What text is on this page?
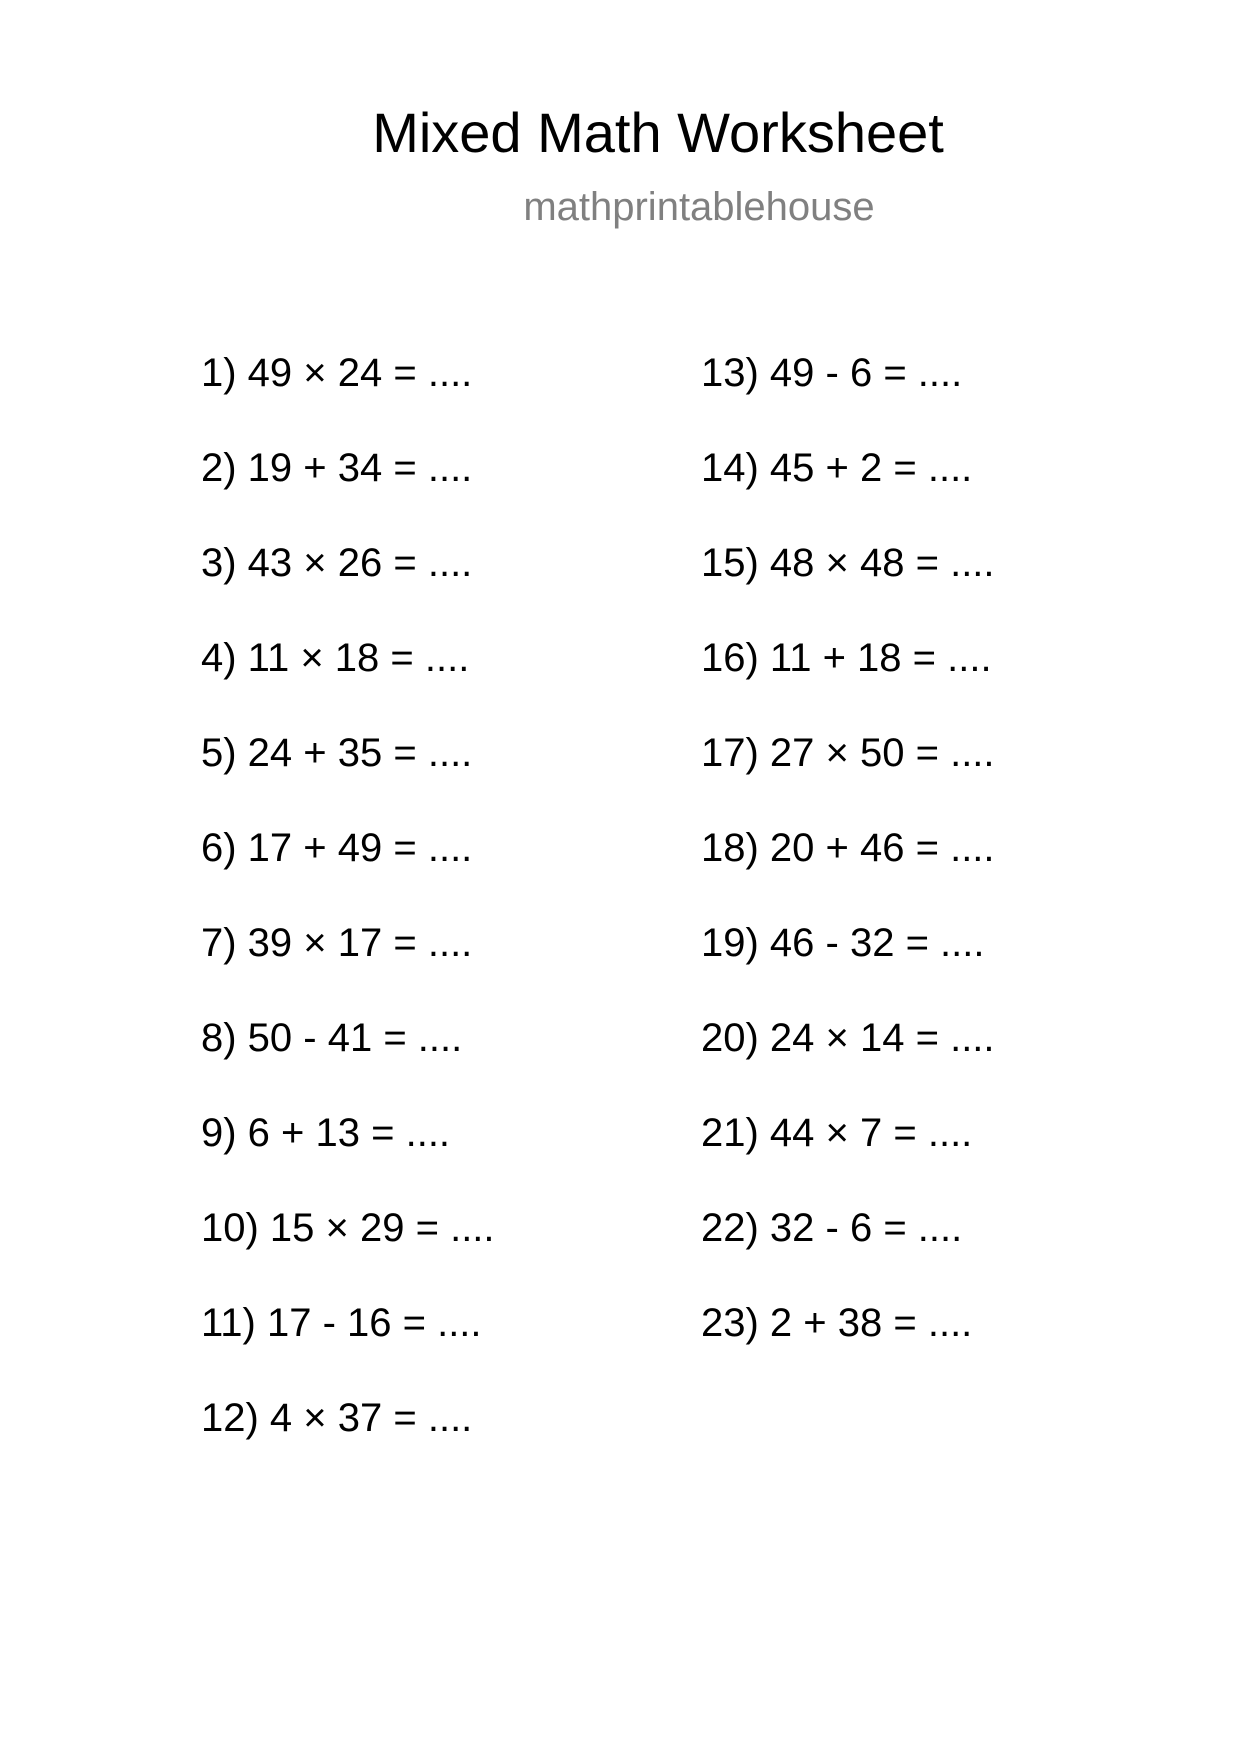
Mixed Math Worksheet
mathprintablehouse
1) 49 × 24 = ....
2) 19 + 34 = ....
3) 43 × 26 = ....
4) 11 × 18 = ....
5) 24 + 35 = ....
6) 17 + 49 = ....
7) 39 × 17 = ....
8) 50 - 41 = ....
9) 6 + 13 = ....
10) 15 × 29 = ....
11) 17 - 16 = ....
12) 4 × 37 = ....
13) 49 - 6 = ....
14) 45 + 2 = ....
15) 48 × 48 = ....
16) 11 + 18 = ....
17) 27 × 50 = ....
18) 20 + 46 = ....
19) 46 - 32 = ....
20) 24 × 14 = ....
21) 44 × 7 = ....
22) 32 - 6 = ....
23) 2 + 38 = ....
